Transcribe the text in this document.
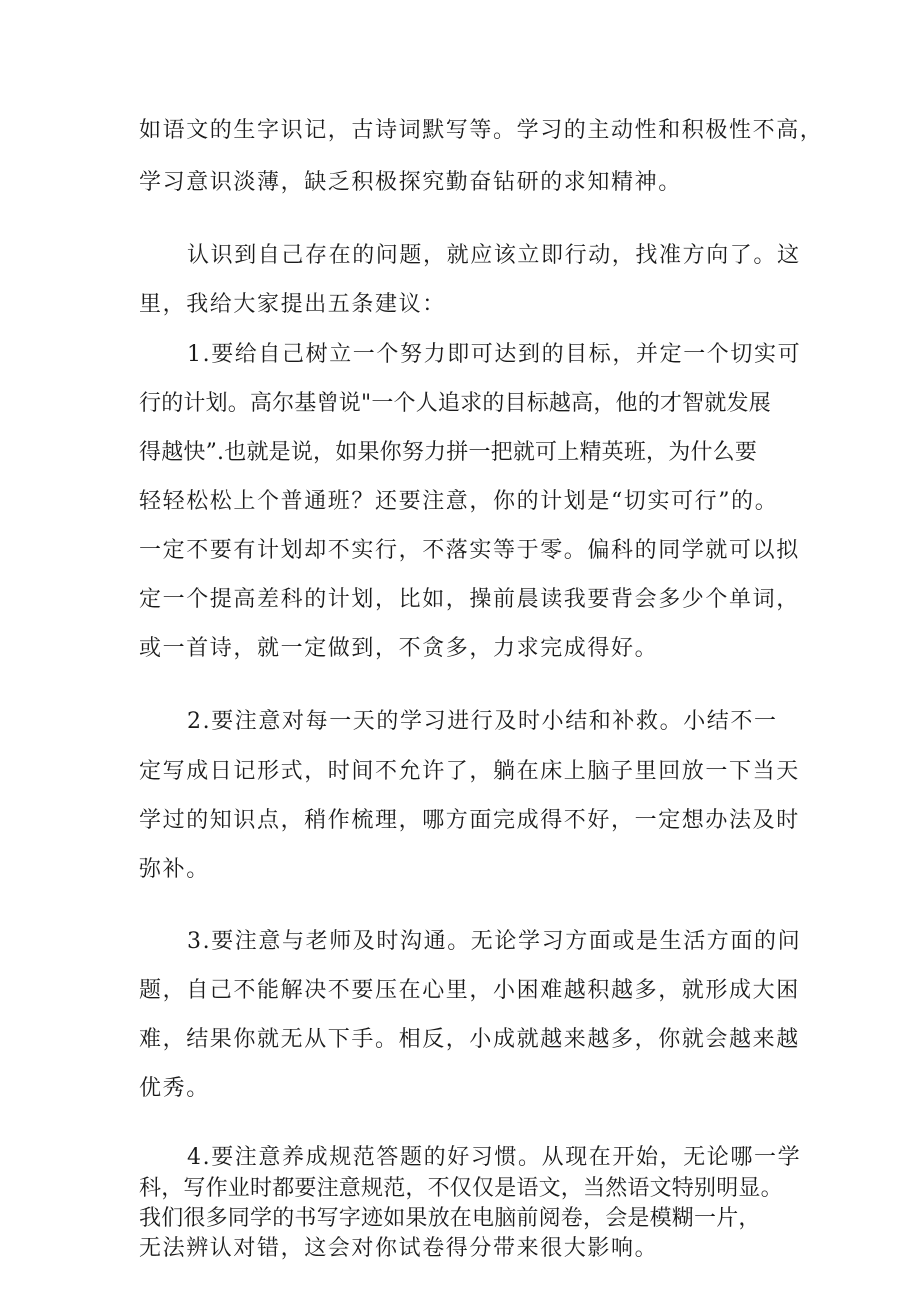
如语文的生字识记，古诗词默写等。学习的主动性和积极性不高，
学习意识淡薄，缺乏积极探究勤奋钻研的求知精神。
认识到自己存在的问题，就应该立即行动，找准方向了。这
里，我给大家提出五条建议：
1.要给自己树立一个努力即可达到的目标，并定一个切实可
行的计划。高尔基曾说"一个人追求的目标越高，他的才智就发展
得越快”.也就是说，如果你努力拼一把就可上精英班，为什么要
轻轻松松上个普通班？还要注意，你的计划是“切实可行”的。
一定不要有计划却不实行，不落实等于零。偏科的同学就可以拟
定一个提高差科的计划，比如，操前晨读我要背会多少个单词，
或一首诗，就一定做到，不贪多，力求完成得好。
2.要注意对每一天的学习进行及时小结和补救。小结不一
定写成日记形式，时间不允许了，躺在床上脑子里回放一下当天
学过的知识点，稍作梳理，哪方面完成得不好，一定想办法及时
弥补。
3.要注意与老师及时沟通。无论学习方面或是生活方面的问
题，自己不能解决不要压在心里，小困难越积越多，就形成大困
难，结果你就无从下手。相反，小成就越来越多，你就会越来越
优秀。
4.要注意养成规范答题的好习惯。从现在开始，无论哪一学
科，写作业时都要注意规范，不仅仅是语文，当然语文特别明显。
我们很多同学的书写字迹如果放在电脑前阅卷，会是模糊一片，
无法辨认对错，这会对你试卷得分带来很大影响。
